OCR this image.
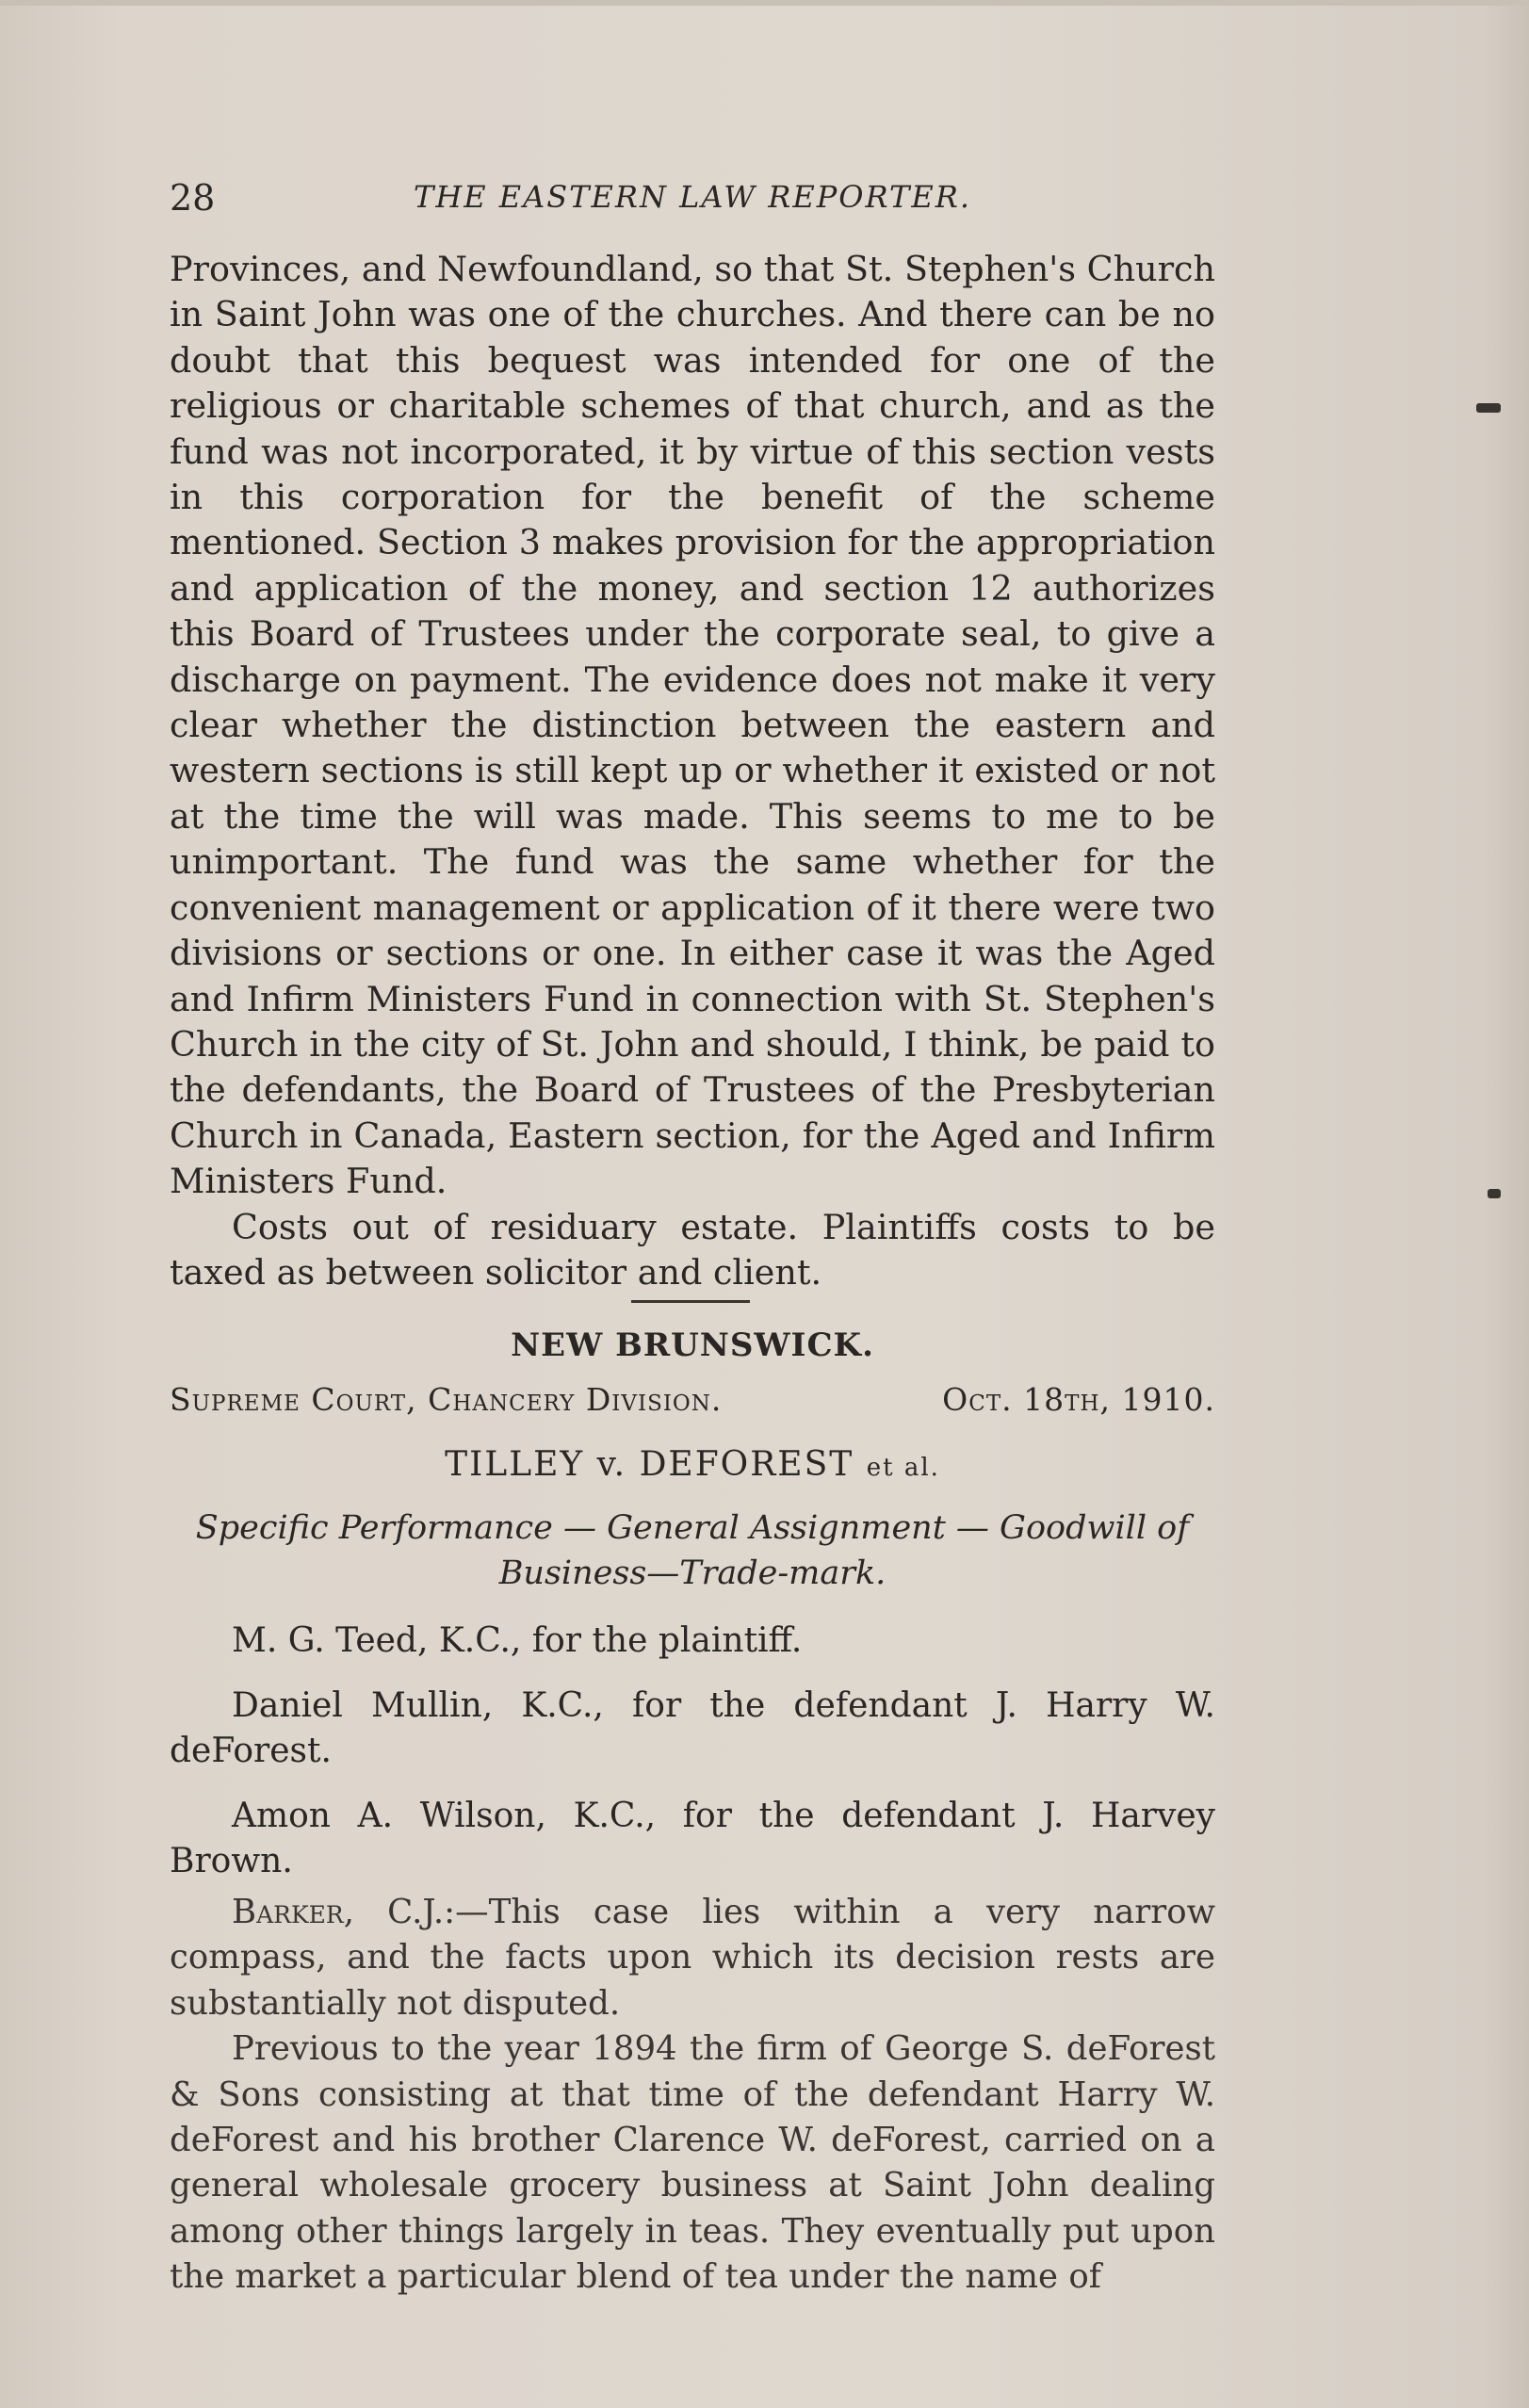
28	THE EASTERN LAW REPORTER.

Provinces, and Newfoundland, so that St. Stephen's Church in Saint John was one of the churches. And there can be no doubt that this bequest was intended for one of the religious or charitable schemes of that church, and as the fund was not incorporated, it by virtue of this section vests in this corporation for the benefit of the scheme mentioned. Section 3 makes provision for the appropriation and application of the money, and section 12 authorizes this Board of Trustees under the corporate seal, to give a discharge on payment. The evidence does not make it very clear whether the distinction between the eastern and western sections is still kept up or whether it existed or not at the time the will was made. This seems to me to be unimportant. The fund was the same whether for the convenient management or application of it there were two divisions or sections or one. In either case it was the Aged and Infirm Ministers Fund in connection with St. Stephen's Church in the city of St. John and should, I think, be paid to the defendants, the Board of Trustees of the Presbyterian Church in Canada, Eastern section, for the Aged and Infirm Ministers Fund.

Costs out of residuary estate. Plaintiffs costs to be taxed as between solicitor and client.

NEW BRUNSWICK.
Supreme Court, Chancery Division.	Oct. 18th, 1910.
TILLEY v. DEFOREST et al.
Specific Performance — General Assignment — Goodwill of
Business—Trade-mark.

M. G. Teed, K.C., for the plaintiff.

Daniel Mullin, K.C., for the defendant J. Harry W. deForest.

Amon A. Wilson, K.C., for the defendant J. Harvey Brown.

Barker, C.J.:—This case lies within a very narrow compass, and the facts upon which its decision rests are substantially not disputed.

Previous to the year 1894 the firm of George S. deForest & Sons consisting at that time of the defendant Harry W. deForest and his brother Clarence W. deForest, carried on a general wholesale grocery business at Saint John dealing among other things largely in teas. They eventually put upon the market a particular blend of tea under the name of
